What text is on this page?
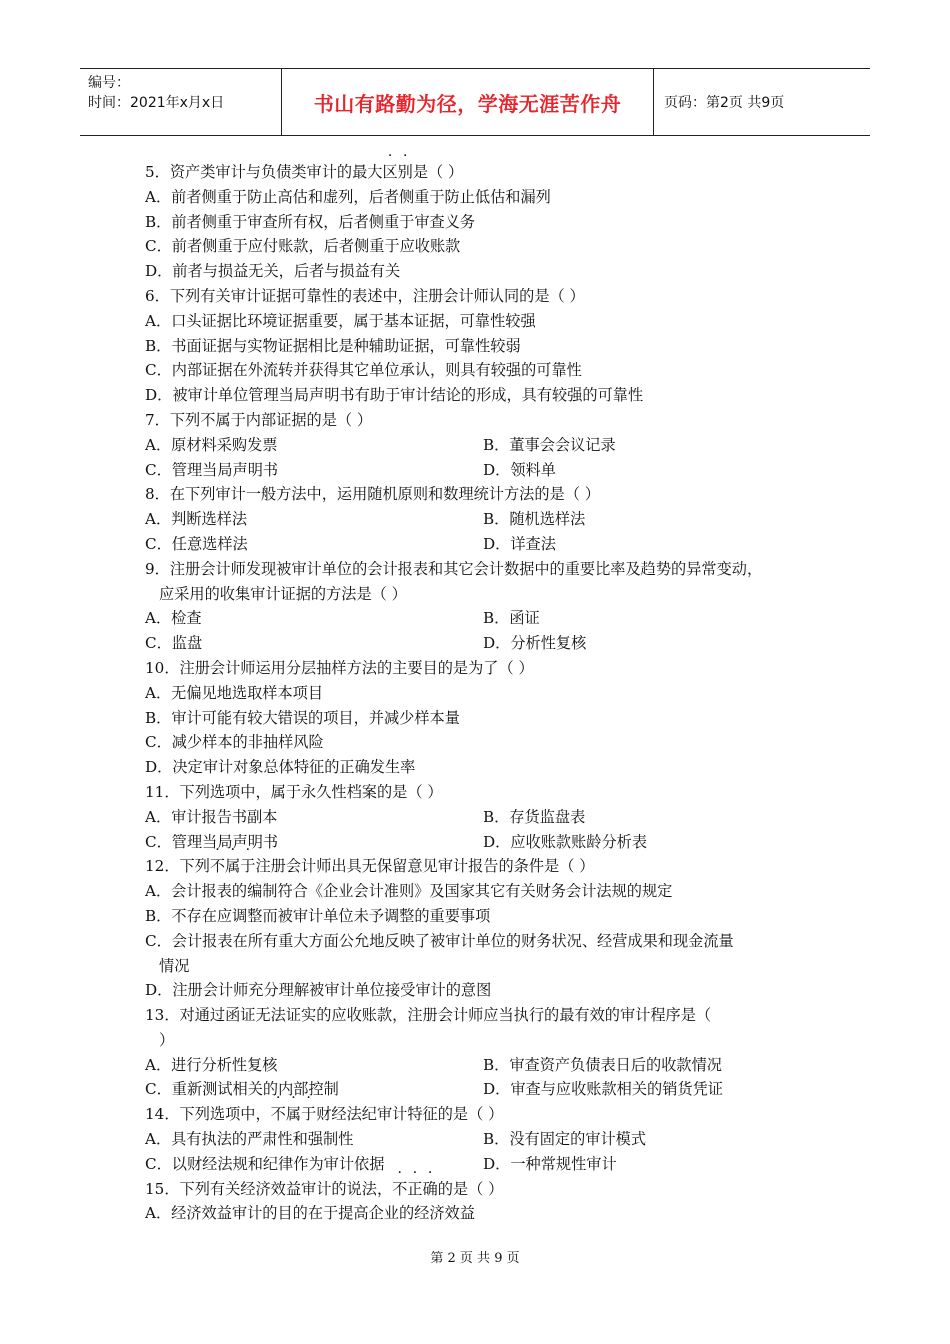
编号：
时间：2021年x月x日	书山有路勤为径，学海无涯苦作舟	页码：第2页 共9页
5．资产类审计与负债类审计的最大区别是（ ）
A．前者侧重于防止高估和虚列，后者侧重于防止低估和漏列
B．前者侧重于审查所有权，后者侧重于审查义务
C．前者侧重于应付账款，后者侧重于应收账款
D．前者与损益无关，后者与损益有关
6．下列有关审计证据可靠性的表述中，注册会计师认同的是（ ）
A．口头证据比环境证据重要，属于基本证据，可靠性较强
B．书面证据与实物证据相比是种辅助证据，可靠性较弱
C．内部证据在外流转并获得其它单位承认，则具有较强的可靠性
D．被审计单位管理当局声明书有助于审计结论的形成，具有较强的可靠性
7．下列不属于内部证据的是（ ）
A．原材料采购发票	B．董事会会议记录
C．管理当局声明书	D．领料单
8．在下列审计一般方法中，运用随机原则和数理统计方法的是（ ）
A．判断选样法	B．随机选样法
C．任意选样法	D．详查法
9．注册会计师发现被审计单位的会计报表和其它会计数据中的重要比率及趋势的异常变动，
应采用的收集审计证据的方法是（ ）
A．检查	B．函证
C．监盘	D．分析性复核
10．注册会计师运用分层抽样方法的主要目的是为了（ ）
A．无偏见地选取样本项目
B．审计可能有较大错误的项目，并减少样本量
C．减少样本的非抽样风险
D．决定审计对象总体特征的正确发生率
11．下列选项中，属于永久性档案的是（ ）
A．审计报告书副本	B．存货监盘表
C．管理当局声明书	D．应收账款账龄分析表
12．下列不属于注册会计师出具无保留意见审计报告的条件是（ ）
A．会计报表的编制符合《企业会计准则》及国家其它有关财务会计法规的规定
B．不存在应调整而被审计单位未予调整的重要事项
C．会计报表在所有重大方面公允地反映了被审计单位的财务状况、经营成果和现金流量
情况
D．注册会计师充分理解被审计单位接受审计的意图
13．对通过函证无法证实的应收账款，注册会计师应当执行的最有效的审计程序是（
）
A．进行分析性复核	B．审查资产负债表日后的收款情况
C．重新测试相关的内部控制	D．审查与应收账款相关的销货凭证
14．下列选项中，不属于财经法纪审计特征的是（ ）
A．具有执法的严肃性和强制性	B．没有固定的审计模式
C．以财经法规和纪律作为审计依据	D．一种常规性审计
15．下列有关经济效益审计的说法，不正确的是（ ）
A．经济效益审计的目的在于提高企业的经济效益
第 2 页 共 9 页
